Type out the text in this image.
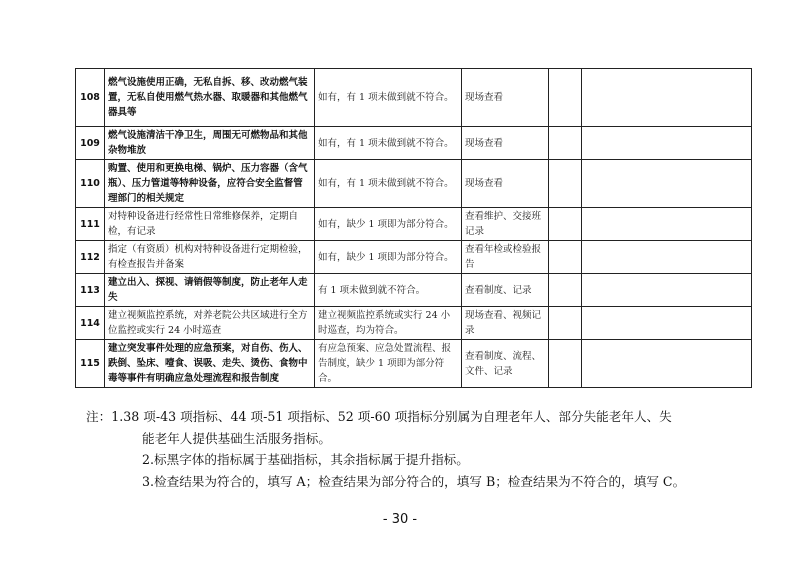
108	燃气设施使用正确，无私自拆、移、改动燃气装置，无私自使用燃气热水器、取暖器和其他燃气器具等	如有，有 1 项未做到就不符合。	现场查看		
109	燃气设施清洁干净卫生，周围无可燃物品和其他杂物堆放	如有，有 1 项未做到就不符合。	现场查看		
110	购置、使用和更换电梯、锅炉、压力容器（含气瓶）、压力管道等特种设备，应符合安全监督管理部门的相关规定	如有，有 1 项未做到就不符合。	现场查看		
111	对特种设备进行经常性日常维修保养，定期自检，有记录	如有，缺少 1 项即为部分符合。	查看维护、交接班记录		
112	指定（有资质）机构对特种设备进行定期检验，有检查报告并备案	如有，缺少 1 项即为部分符合。	查看年检或检验报告		
113	建立出入、探视、请销假等制度，防止老年人走失	有 1 项未做到就不符合。	查看制度、记录		
114	建立视频监控系统，对养老院公共区域进行全方位监控或实行 24 小时巡查	建立视频监控系统或实行 24 小时巡查，均为符合。	现场查看、视频记录		
115	建立突发事件处理的应急预案，对自伤、伤人、跌倒、坠床、噎食、误吸、走失、烫伤、食物中毒等事件有明确应急处理流程和报告制度	有应急预案、应急处置流程、报告制度，缺少 1 项即为部分符合。	查看制度、流程、文件、记录		
注：1.38 项-43 项指标、44 项-51 项指标、52 项-60 项指标分别属为自理老年人、部分失能老年人、失
能老年人提供基础生活服务指标。
2.标黑字体的指标属于基础指标，其余指标属于提升指标。
3.检查结果为符合的，填写 A；检查结果为部分符合的，填写 B；检查结果为不符合的，填写 C。
- 30 -
